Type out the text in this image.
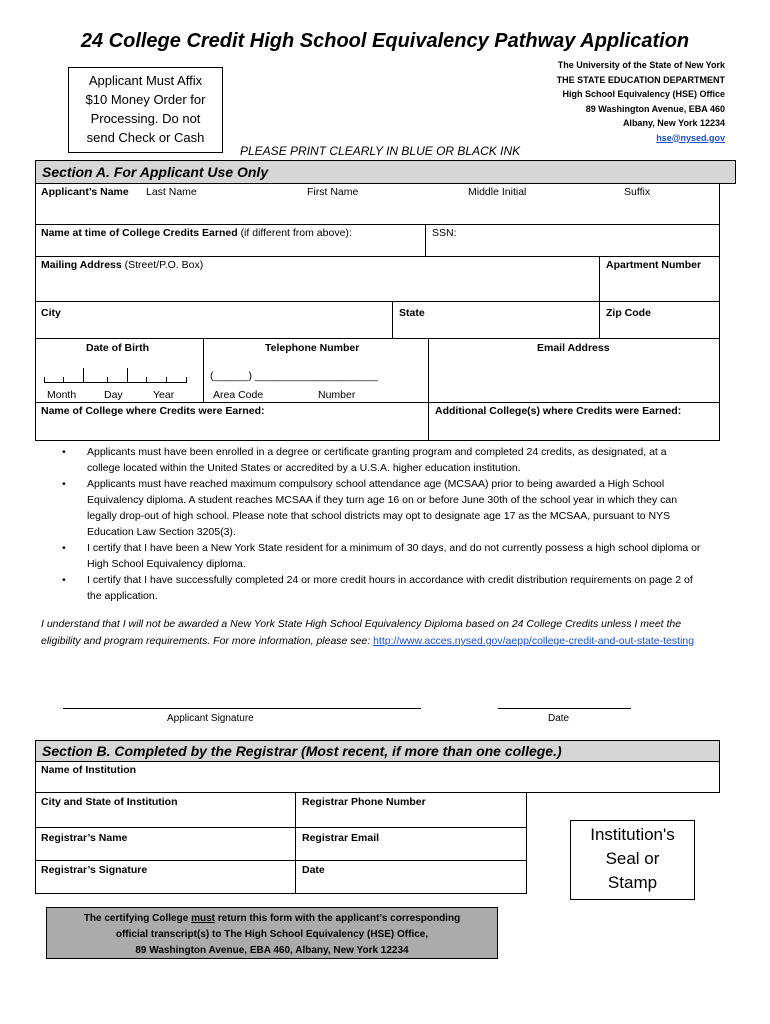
24 College Credit High School Equivalency Pathway Application
Applicant Must Affix
$10 Money Order for
Processing. Do not
send Check or Cash
The University of the State of New York
THE STATE EDUCATION DEPARTMENT
High School Equivalency (HSE) Office
89 Washington Avenue, EBA 460
Albany, New York 12234
hse@nysed.gov
PLEASE PRINT CLEARLY IN BLUE OR BLACK INK
Section A. For Applicant Use Only
Applicant’s Name Last Name	First Name	Middle Initial	Suffix
Name at time of College Credits Earned (if different from above):	SSN:
Mailing Address (Street/P.O. Box)	Apartment Number
City	State	Zip Code
Date of Birth	Telephone Number	Email Address
Month	Day	Year
(______) _____________________
Area Code	Number
Name of College where Credits were Earned:	Additional College(s) where Credits were Earned:
• Applicants must have been enrolled in a degree or certificate granting program and completed 24 credits, as designated, at a college located within the United States or accredited by a U.S.A. higher education institution.
• Applicants must have reached maximum compulsory school attendance age (MCSAA) prior to being awarded a High School Equivalency diploma. A student reaches MCSAA if they turn age 16 on or before June 30th of the school year in which they can legally drop-out of high school. Please note that school districts may opt to designate age 17 as the MCSAA, pursuant to NYS Education Law Section 3205(3).
• I certify that I have been a New York State resident for a minimum of 30 days, and do not currently possess a high school diploma or High School Equivalency diploma.
• I certify that I have successfully completed 24 or more credit hours in accordance with credit distribution requirements on page 2 of the application.
I understand that I will not be awarded a New York State High School Equivalency Diploma based on 24 College Credits unless I meet the eligibility and program requirements. For more information, please see: http://www.acces.nysed.gov/aepp/college-credit-and-out-state-testing
Applicant Signature	Date
Section B. Completed by the Registrar (Most recent, if more than one college.)
Name of Institution
City and State of Institution	Registrar Phone Number
Registrar’s Name	Registrar Email
Registrar’s Signature	Date
Institution's
Seal or
Stamp
The certifying College must return this form with the applicant’s corresponding
official transcript(s) to The High School Equivalency (HSE) Office,
89 Washington Avenue, EBA 460, Albany, New York 12234
